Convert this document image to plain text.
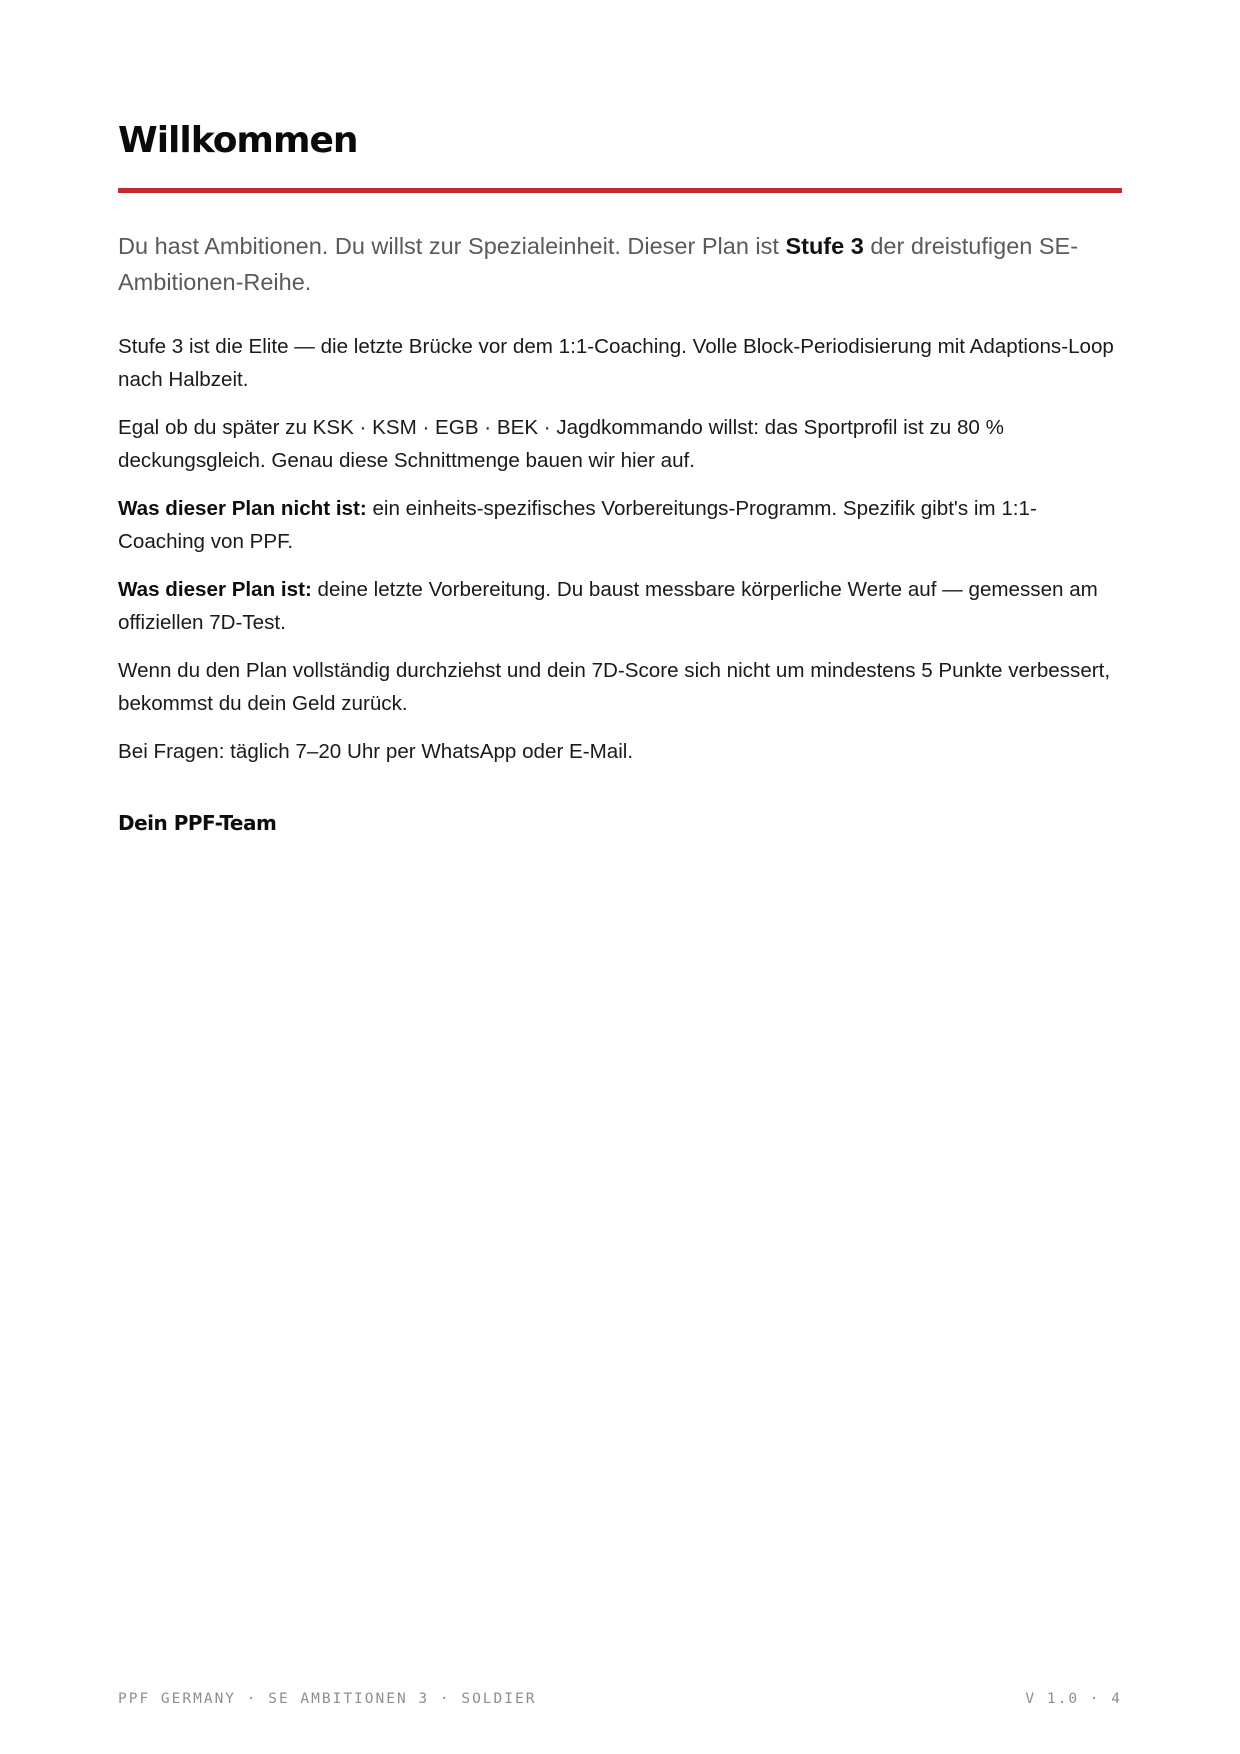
Willkommen

Du hast Ambitionen. Du willst zur Spezialeinheit. Dieser Plan ist Stufe 3 der dreistufigen SE-Ambitionen-Reihe.

Stufe 3 ist die Elite — die letzte Brücke vor dem 1:1-Coaching. Volle Block-Periodisierung mit Adaptions-Loop nach Halbzeit.

Egal ob du später zu KSK · KSM · EGB · BEK · Jagdkommando willst: das Sportprofil ist zu 80 % deckungsgleich. Genau diese Schnittmenge bauen wir hier auf.

Was dieser Plan nicht ist: ein einheits-spezifisches Vorbereitungs-Programm. Spezifik gibt's im 1:1-Coaching von PPF.

Was dieser Plan ist: deine letzte Vorbereitung. Du baust messbare körperliche Werte auf — gemessen am offiziellen 7D-Test.

Wenn du den Plan vollständig durchziehst und dein 7D-Score sich nicht um mindestens 5 Punkte verbessert, bekommst du dein Geld zurück.

Bei Fragen: täglich 7–20 Uhr per WhatsApp oder E-Mail.

Dein PPF-Team

PPF GERMANY · SE AMBITIONEN 3 · SOLDIER	V 1.0 · 4
